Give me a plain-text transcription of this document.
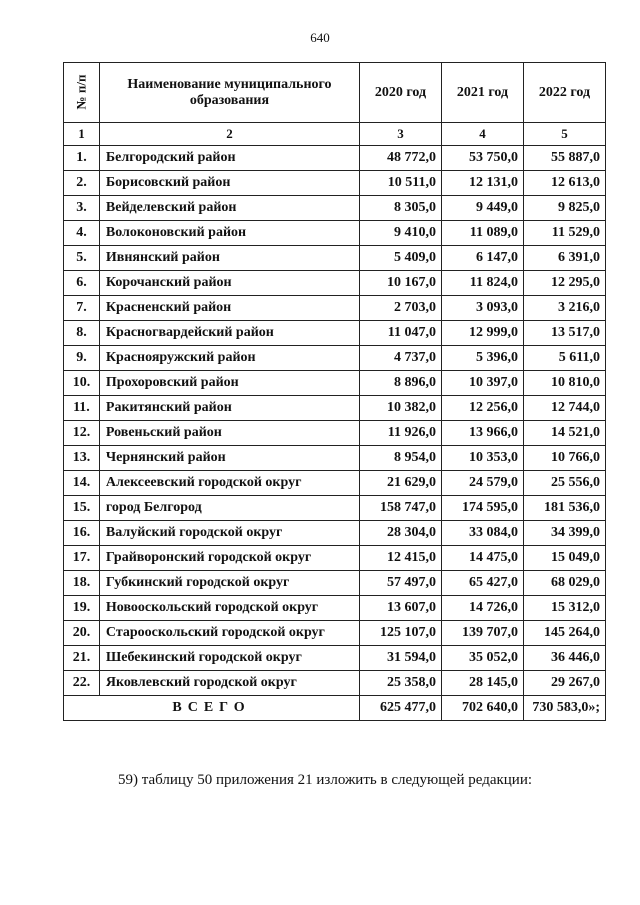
640
№ п/п	Наименование муниципального образования	2020 год	2021 год	2022 год
1	2	3	4	5
1.	Белгородский район	48 772,0	53 750,0	55 887,0
2.	Борисовский район	10 511,0	12 131,0	12 613,0
3.	Вейделевский район	8 305,0	9 449,0	9 825,0
4.	Волоконовский район	9 410,0	11 089,0	11 529,0
5.	Ивнянский район	5 409,0	6 147,0	6 391,0
6.	Корочанский район	10 167,0	11 824,0	12 295,0
7.	Красненский район	2 703,0	3 093,0	3 216,0
8.	Красногвардейский район	11 047,0	12 999,0	13 517,0
9.	Краснояружский район	4 737,0	5 396,0	5 611,0
10.	Прохоровский район	8 896,0	10 397,0	10 810,0
11.	Ракитянский район	10 382,0	12 256,0	12 744,0
12.	Ровеньский район	11 926,0	13 966,0	14 521,0
13.	Чернянский район	8 954,0	10 353,0	10 766,0
14.	Алексеевский городской округ	21 629,0	24 579,0	25 556,0
15.	город Белгород	158 747,0	174 595,0	181 536,0
16.	Валуйский городской округ	28 304,0	33 084,0	34 399,0
17.	Грайворонский городской округ	12 415,0	14 475,0	15 049,0
18.	Губкинский городской округ	57 497,0	65 427,0	68 029,0
19.	Новооскольский городской округ	13 607,0	14 726,0	15 312,0
20.	Старооскольский городской округ	125 107,0	139 707,0	145 264,0
21.	Шебекинский городской округ	31 594,0	35 052,0	36 446,0
22.	Яковлевский городской округ	25 358,0	28 145,0	29 267,0
ВСЕГО		625 477,0	702 640,0	730 583,0»;
59) таблицу 50 приложения 21 изложить в следующей редакции:
